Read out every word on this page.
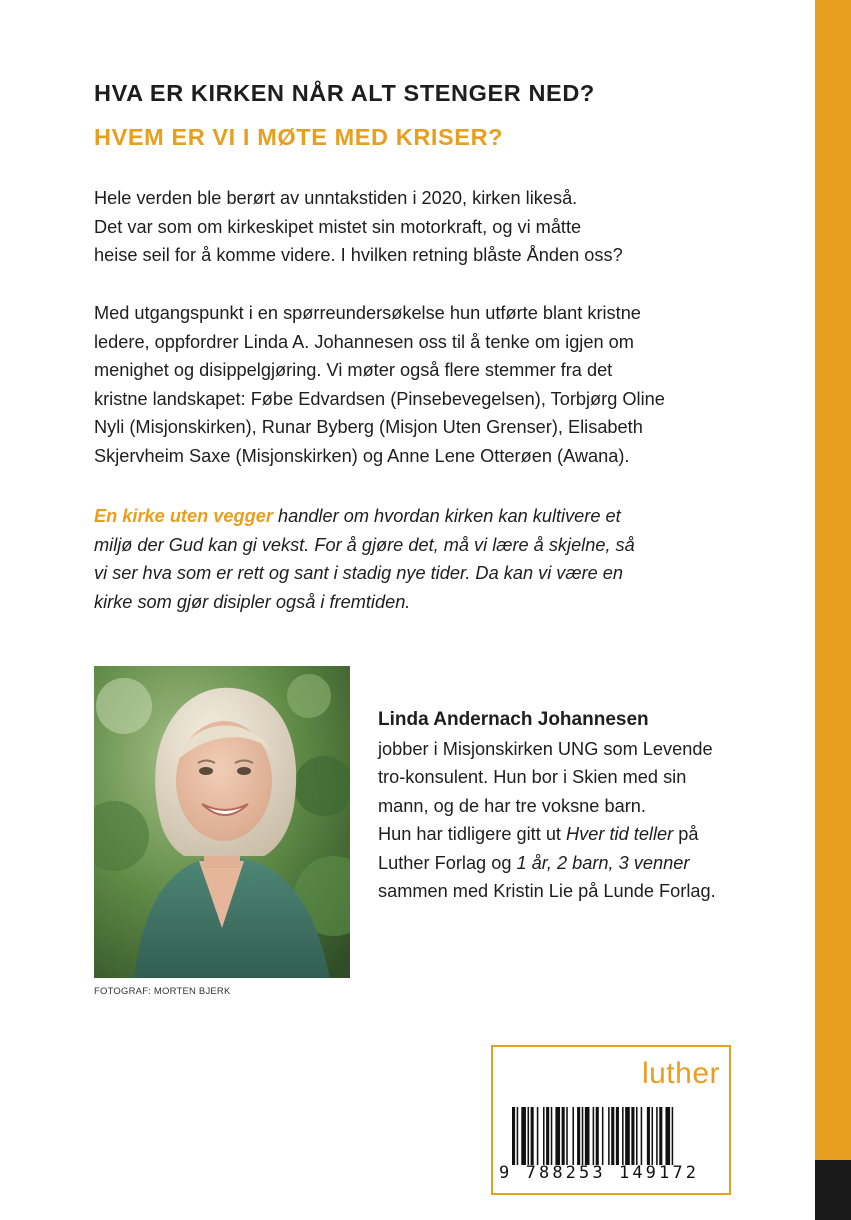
HVA ER KIRKEN NÅR ALT STENGER NED?
HVEM ER VI I MØTE MED KRISER?
Hele verden ble berørt av unntakstiden i 2020, kirken likeså.
Det var som om kirkeskipet mistet sin motorkraft, og vi måtte
heise seil for å komme videre. I hvilken retning blåste Ånden oss?
Med utgangspunkt i en spørreundersøkelse hun utførte blant kristne
ledere, oppfordrer Linda A. Johannesen oss til å tenke om igjen om
menighet og disippelgjøring. Vi møter også flere stemmer fra det
kristne landskapet: Føbe Edvardsen (Pinsebevegelsen), Torbjørg Oline
Nyli (Misjonskirken), Runar Byberg (Misjon Uten Grenser), Elisabeth
Skjervheim Saxe (Misjonskirken) og Anne Lene Otterøen (Awana).
En kirke uten vegger handler om hvordan kirken kan kultivere et
miljø der Gud kan gi vekst. For å gjøre det, må vi lære å skjelne, så
vi ser hva som er rett og sant i stadig nye tider. Da kan vi være en
kirke som gjør disipler også i fremtiden.
FOTOGRAF: MORTEN BJERK
Linda Andernach Johannesen
jobber i Misjonskirken UNG som Levende
tro-konsulent. Hun bor i Skien med sin
mann, og de har tre voksne barn.
Hun har tidligere gitt ut Hver tid teller på
Luther Forlag og 1 år, 2 barn, 3 venner
sammen med Kristin Lie på Lunde Forlag.
luther
9 788253 149172
